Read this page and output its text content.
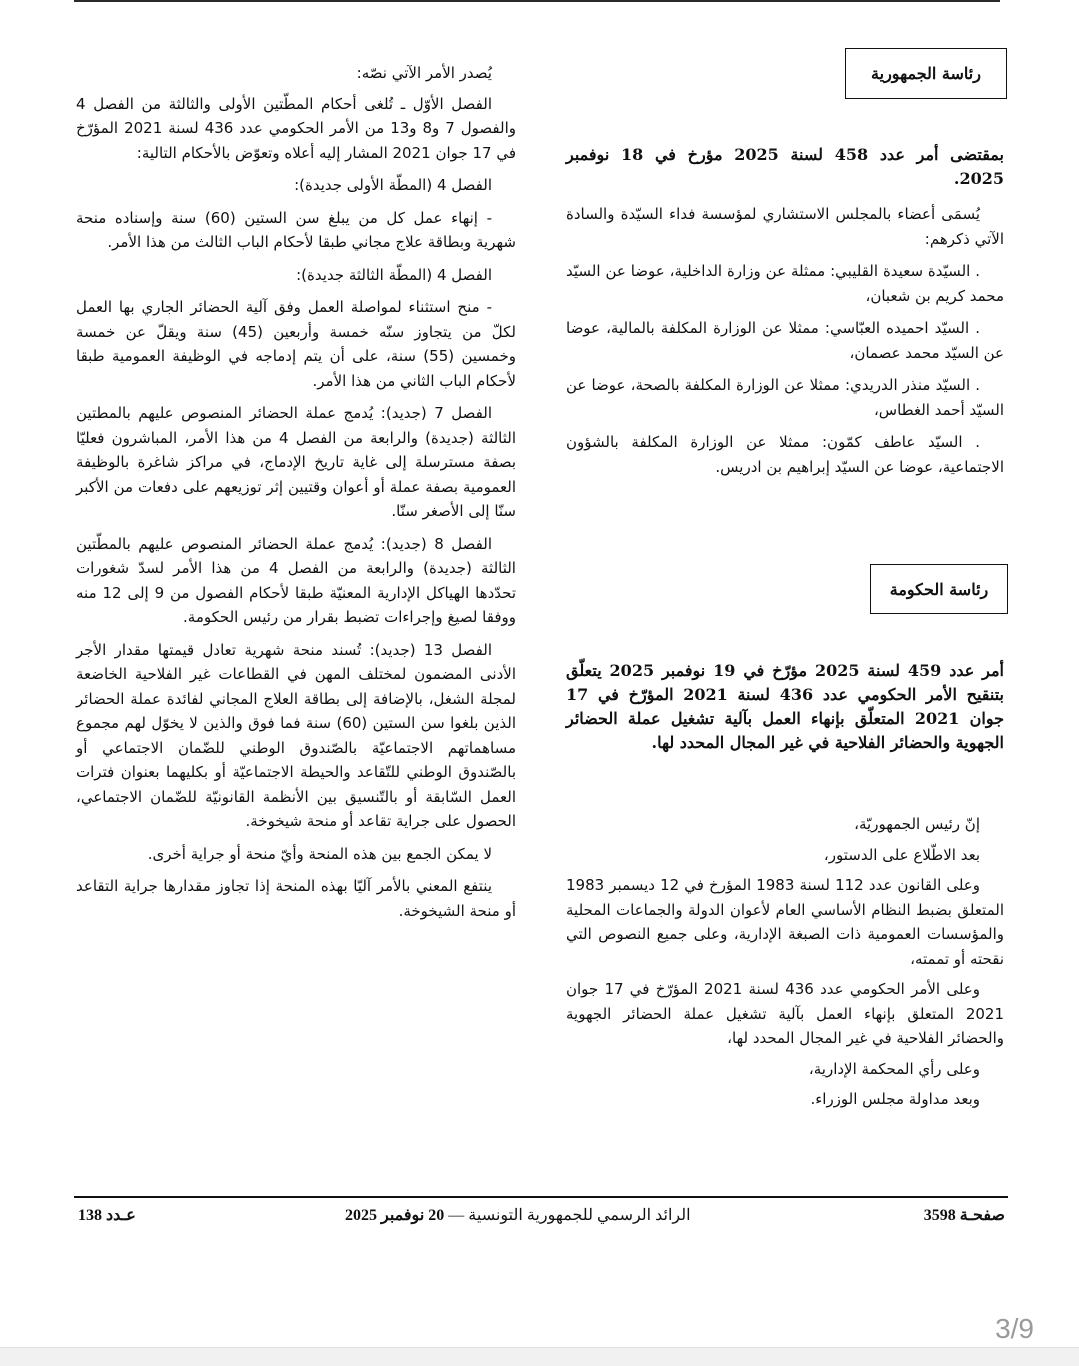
رئاسة الجمهورية

بمقتضى أمر عدد 458 لسنة 2025 مؤرخ في 18 نوفمبر 2025.

يُسمَى أعضاء بالمجلس الاستشاري لمؤسسة فداء السيّدة والسادة الآتي ذكرهم:

. السيّدة سعيدة القليبي: ممثلة عن وزارة الداخلية، عوضا عن السيّد محمد كريم بن شعبان،

. السيّد احميده العبّاسي: ممثلا عن الوزارة المكلفة بالمالية، عوضا عن السيّد محمد عصمان،

. السيّد منذر الدريدي: ممثلا عن الوزارة المكلفة بالصحة، عوضا عن السيّد أحمد الغطاس،

. السيّد عاطف كمّون: ممثلا عن الوزارة المكلفة بالشؤون الاجتماعية، عوضا عن السيّد إبراهيم بن ادريس.

رئاسة الحكومة

أمر عدد 459 لسنة 2025 مؤرّخ في 19 نوفمبر 2025 يتعلّق بتنقيح الأمر الحكومي عدد 436 لسنة 2021 المؤرّخ في 17 جوان 2021 المتعلّق بإنهاء العمل بآلية تشغيل عملة الحضائر الجهوية والحضائر الفلاحية في غير المجال المحدد لها.

إنّ رئيس الجمهوريّة،

بعد الاطّلاع على الدستور،

وعلى القانون عدد 112 لسنة 1983 المؤرخ في 12 ديسمبر 1983 المتعلق بضبط النظام الأساسي العام لأعوان الدولة والجماعات المحلية والمؤسسات العمومية ذات الصبغة الإدارية، وعلى جميع النصوص التي نقحته أو تممته،

وعلى الأمر الحكومي عدد 436 لسنة 2021 المؤرّخ في 17 جوان 2021 المتعلق بإنهاء العمل بآلية تشغيل عملة الحضائر الجهوية والحضائر الفلاحية في غير المجال المحدد لها،

وعلى رأي المحكمة الإدارية،

وبعد مداولة مجلس الوزراء.

يُصدر الأمر الآتي نصّه:

الفصل الأوّل ـ تُلغى أحكام المطّتين الأولى والثالثة من الفصل 4 والفصول 7 و8 و13 من الأمر الحكومي عدد 436 لسنة 2021 المؤرّخ في 17 جوان 2021 المشار إليه أعلاه وتعوّض بالأحكام التالية:

الفصل 4 (المطّة الأولى جديدة):

- إنهاء عمل كل من يبلغ سن الستين (60) سنة وإسناده منحة شهرية وبطاقة علاج مجاني طبقا لأحكام الباب الثالث من هذا الأمر.

الفصل 4 (المطّة الثالثة جديدة):

- منح استثناء لمواصلة العمل وفق آلية الحضائر الجاري بها العمل لكلّ من يتجاوز سنّه خمسة وأربعين (45) سنة ويقلّ عن خمسة وخمسين (55) سنة، على أن يتم إدماجه في الوظيفة العمومية طبقا لأحكام الباب الثاني من هذا الأمر.

الفصل 7 (جديد): يُدمج عملة الحضائر المنصوص عليهم بالمطتين الثالثة (جديدة) والرابعة من الفصل 4 من هذا الأمر، المباشرون فعليّا بصفة مسترسلة إلى غاية تاريخ الإدماج، في مراكز شاغرة بالوظيفة العمومية بصفة عملة أو أعوان وقتيين إثر توزيعهم على دفعات من الأكبر سنّا إلى الأصغر سنّا.

الفصل 8 (جديد): يُدمج عملة الحضائر المنصوص عليهم بالمطّتين الثالثة (جديدة) والرابعة من الفصل 4 من هذا الأمر لسدّ شغورات تحدّدها الهياكل الإدارية المعنيّة طبقا لأحكام الفصول من 9 إلى 12 منه ووفقا لصيغ وإجراءات تضبط بقرار من رئيس الحكومة.

الفصل 13 (جديد): تُسند منحة شهرية تعادل قيمتها مقدار الأجر الأدنى المضمون لمختلف المهن في القطاعات غير الفلاحية الخاضعة لمجلة الشغل، بالإضافة إلى بطاقة العلاج المجاني لفائدة عملة الحضائر الذين بلغوا سن الستين (60) سنة فما فوق والذين لا يخوّل لهم مجموع مساهماتهم الاجتماعيّة بالصّندوق الوطني للضّمان الاجتماعي أو بالصّندوق الوطني للتّقاعد والحيطة الاجتماعيّة أو بكليهما بعنوان فترات العمل السّابقة أو بالتّنسيق بين الأنظمة القانونيّة للضّمان الاجتماعي، الحصول على جراية تقاعد أو منحة شيخوخة.

لا يمكن الجمع بين هذه المنحة وأيّ منحة أو جراية أخرى.

ينتفع المعني بالأمر آليّا بهذه المنحة إذا تجاوز مقدارها جراية التقاعد أو منحة الشيخوخة.

صفحـة 3598
الرائد الرسمي للجمهورية التونسية — 20 نوفمبر 2025
عـدد 138
3/9
